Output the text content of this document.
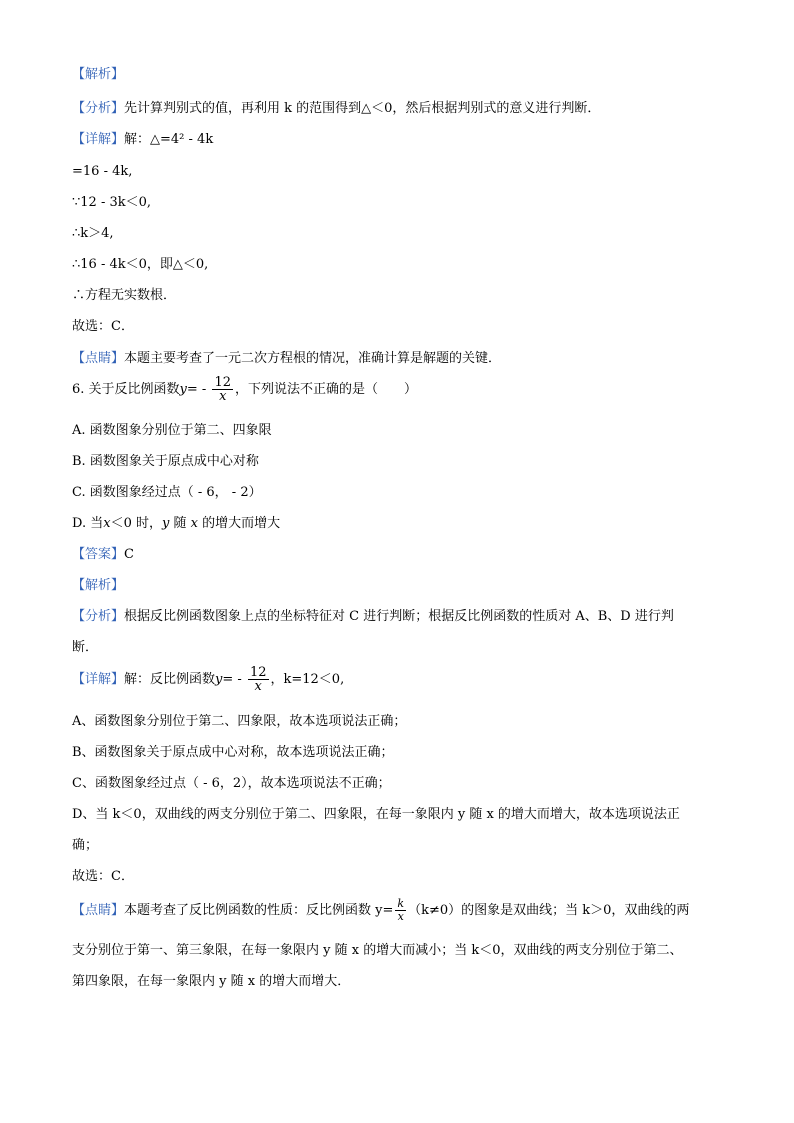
【解析】
【分析】先计算判别式的值，再利用 k 的范围得到△＜0，然后根据判别式的意义进行判断．
【详解】解：△=4² - 4k
=16 - 4k,
∵12 - 3k＜0,
∴k＞4,
∴16 - 4k＜0，即△＜0,
∴方程无实数根．
故选：C．
【点睛】本题主要考查了一元二次方程根的情况，准确计算是解题的关键．
6. 关于反比例函数$y= - \frac{12}{x}$ ，下列说法不正确的是（　　）
A. 函数图象分别位于第二、四象限
B. 函数图象关于原点成中心对称
C. 函数图象经过点（ - 6， - 2）
D. 当x＜0 时，y 随 x 的增大而增大
【答案】C
【解析】
【分析】根据反比例函数图象上点的坐标特征对 C 进行判断；根据反比例函数的性质对 A、B、D 进行判
断．
【详解】解：反比例函数$y= - \frac{12}{x}$ ，k=12＜0,
A、函数图象分别位于第二、四象限，故本选项说法正确；
B、函数图象关于原点成中心对称，故本选项说法正确；
C、函数图象经过点（ - 6，2），故本选项说法不正确；
D、当 k＜0，双曲线的两支分别位于第二、四象限，在每一象限内 y 随 x 的增大而增大，故本选项说法正
确；
故选：C．
【点睛】本题考查了反比例函数的性质：反比例函数 $y= \frac{k}{x} (k\ne 0)$的图象是双曲线；当 k＞0，双曲线的两
支分别位于第一、第三象限，在每一象限内 y 随 x 的增大而减小；当 k＜0，双曲线的两支分别位于第二、
第四象限，在每一象限内 y 随 x 的增大而增大．
